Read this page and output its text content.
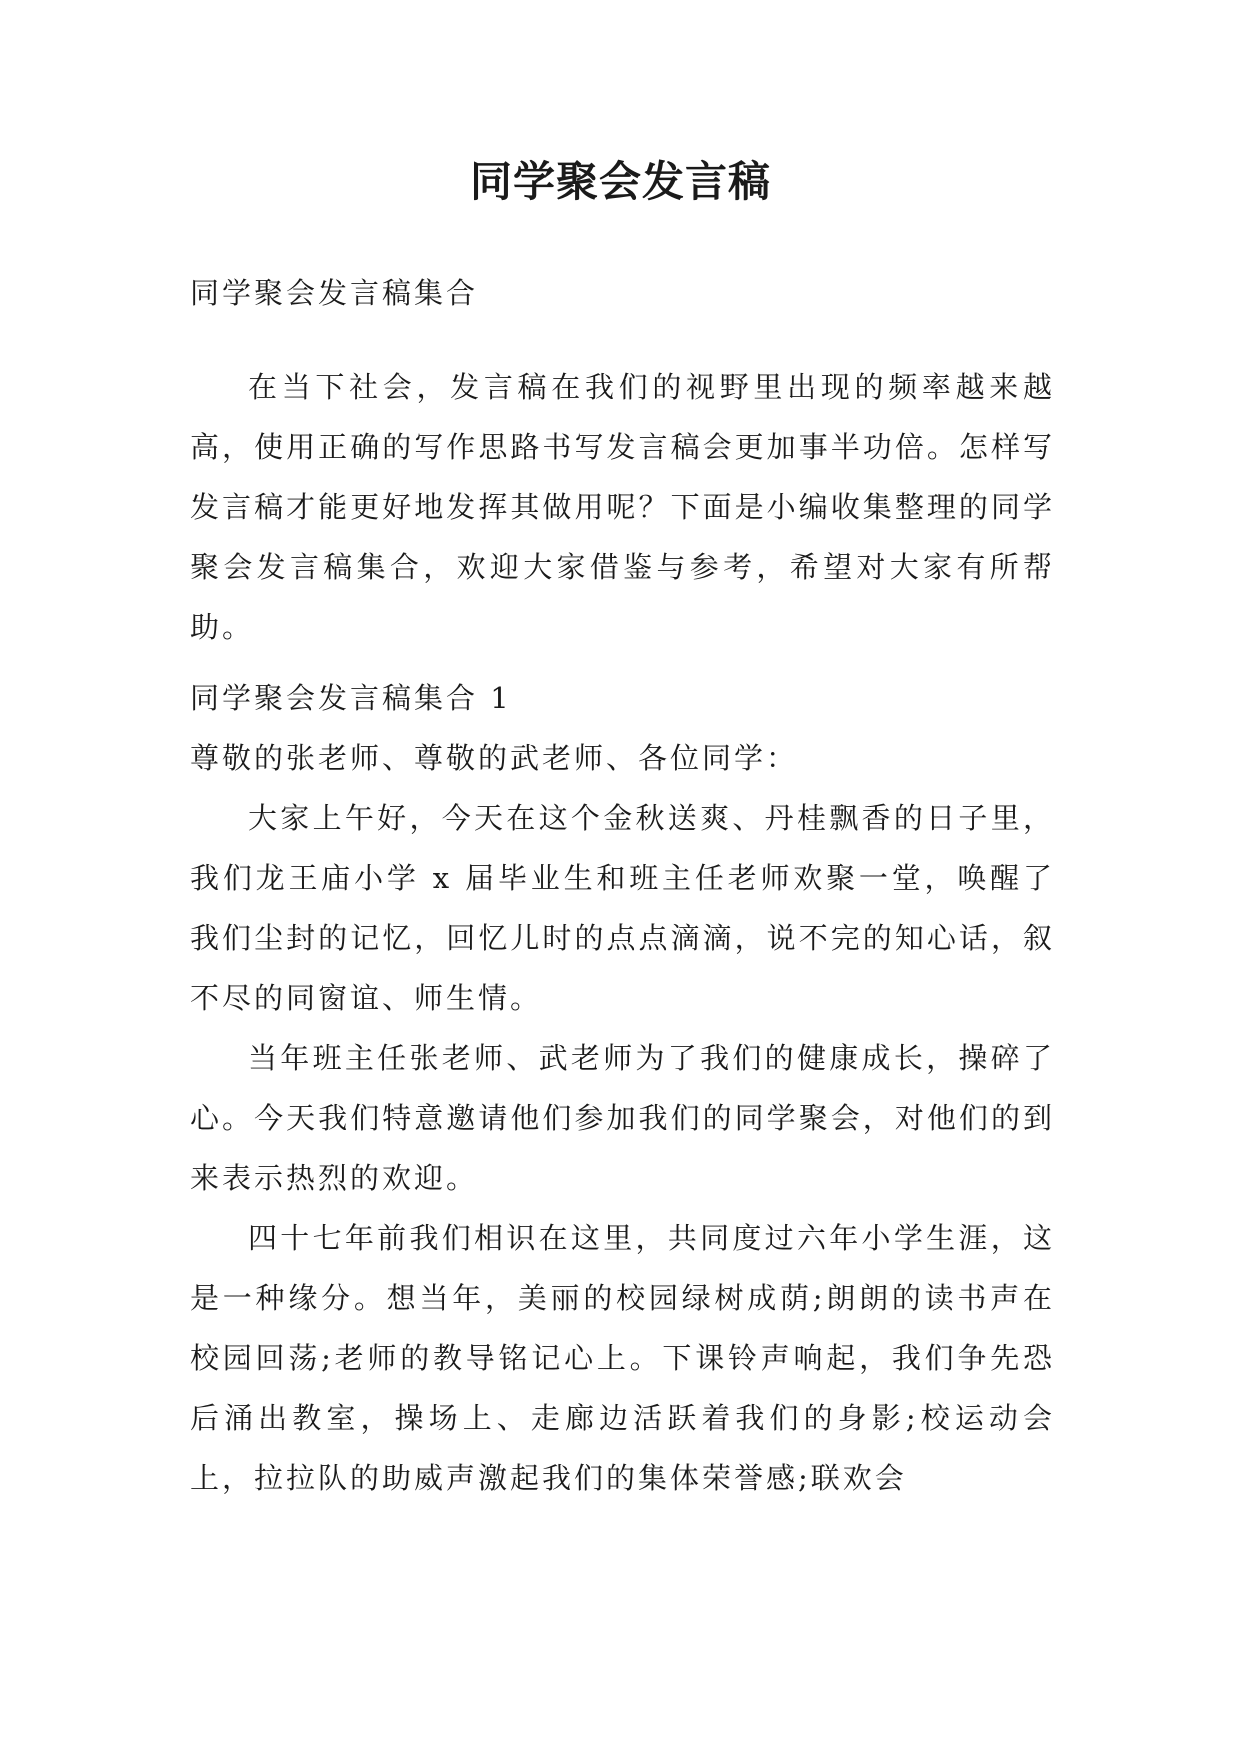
同学聚会发言稿

同学聚会发言稿集合

在当下社会，发言稿在我们的视野里出现的频率越来越高，使用正确的写作思路书写发言稿会更加事半功倍。怎样写发言稿才能更好地发挥其做用呢？下面是小编收集整理的同学聚会发言稿集合，欢迎大家借鉴与参考，希望对大家有所帮助。

同学聚会发言稿集合 1

尊敬的张老师、尊敬的武老师、各位同学：

大家上午好，今天在这个金秋送爽、丹桂飘香的日子里，我们龙王庙小学 x 届毕业生和班主任老师欢聚一堂，唤醒了我们尘封的记忆，回忆儿时的点点滴滴，说不完的知心话，叙不尽的同窗谊、师生情。

当年班主任张老师、武老师为了我们的健康成长，操碎了心。今天我们特意邀请他们参加我们的同学聚会，对他们的到来表示热烈的欢迎。

四十七年前我们相识在这里，共同度过六年小学生涯，这是一种缘分。想当年，美丽的校园绿树成荫;朗朗的读书声在校园回荡;老师的教导铭记心上。下课铃声响起，我们争先恐后涌出教室，操场上、走廊边活跃着我们的身影;校运动会上，拉拉队的助威声激起我们的集体荣誉感;联欢会
